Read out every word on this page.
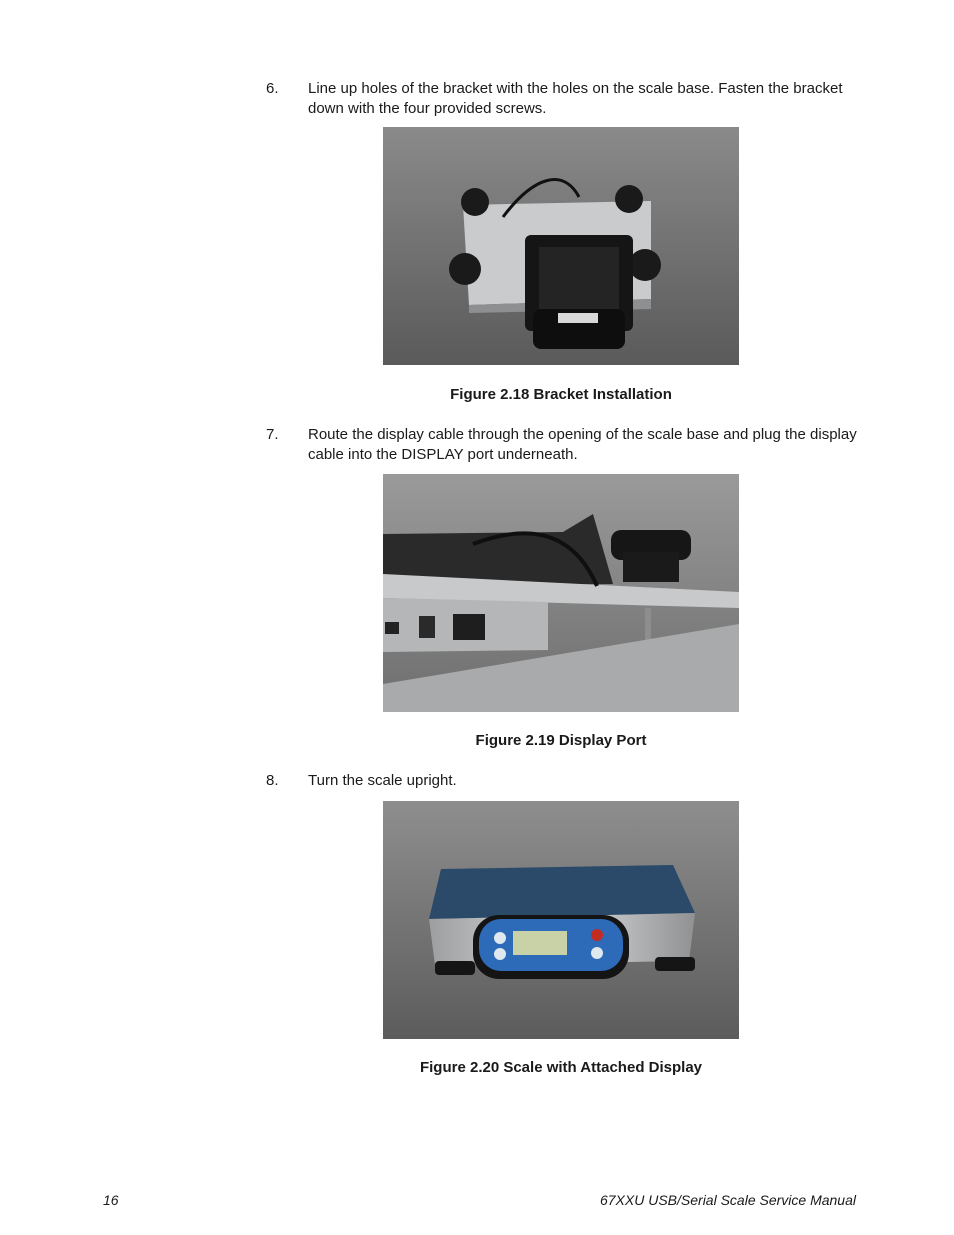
6. Line up holes of the bracket with the holes on the scale base. Fasten the bracket down with the four provided screws.
Figure 2.18 Bracket Installation
7. Route the display cable through the opening of the scale base and plug the display cable into the DISPLAY port underneath.
Figure 2.19 Display Port
8. Turn the scale upright.
Figure 2.20 Scale with Attached Display
16	67XXU USB/Serial Scale Service Manual
